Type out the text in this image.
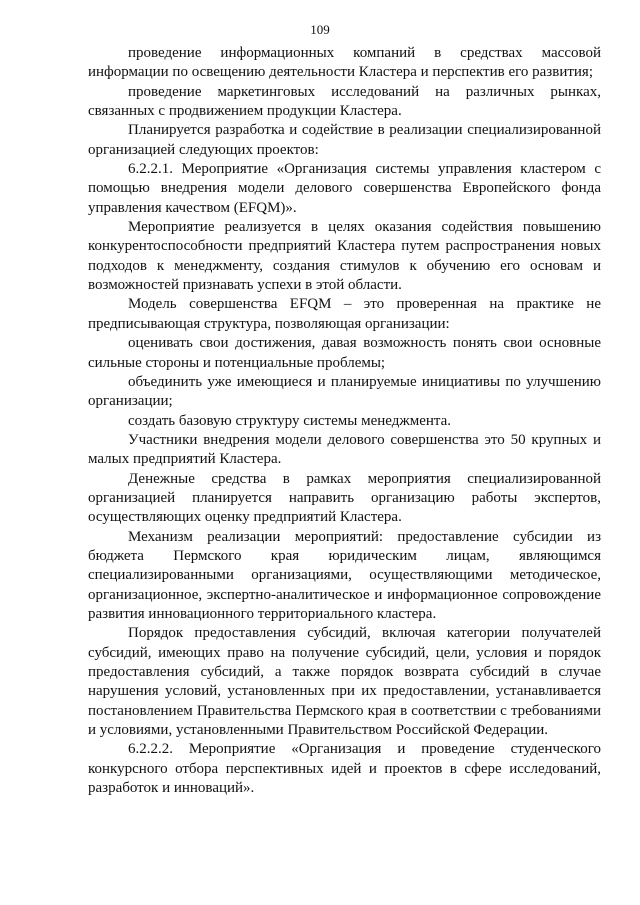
109

проведение информационных компаний в средствах массовой информации по освещению деятельности Кластера и перспектив его развития;

проведение маркетинговых исследований на различных рынках, связанных с продвижением продукции Кластера.

Планируется разработка и содействие в реализации специализированной организацией следующих проектов:

6.2.2.1. Мероприятие «Организация системы управления кластером с помощью внедрения модели делового совершенства Европейского фонда управления качеством (EFQM)».

Мероприятие реализуется в целях оказания содействия повышению конкурентоспособности предприятий Кластера путем распространения новых подходов к менеджменту, создания стимулов к обучению его основам и возможностей признавать успехи в этой области.

Модель совершенства EFQM – это проверенная на практике не предписывающая структура, позволяющая организации:

оценивать свои достижения, давая возможность понять свои основные сильные стороны и потенциальные проблемы;

объединить уже имеющиеся и планируемые инициативы по улучшению организации;

создать базовую структуру системы менеджмента.

Участники внедрения модели делового совершенства это 50 крупных и малых предприятий Кластера.

Денежные средства в рамках мероприятия специализированной организацией планируется направить организацию работы экспертов, осуществляющих оценку предприятий Кластера.

Механизм реализации мероприятий: предоставление субсидии из бюджета Пермского края юридическим лицам, являющимся специализированными организациями, осуществляющими методическое, организационное, экспертно-аналитическое и информационное сопровождение развития инновационного территориального кластера.

Порядок предоставления субсидий, включая категории получателей субсидий, имеющих право на получение субсидий, цели, условия и порядок предоставления субсидий, а также порядок возврата субсидий в случае нарушения условий, установленных при их предоставлении, устанавливается постановлением Правительства Пермского края в соответствии с требованиями и условиями, установленными Правительством Российской Федерации.

6.2.2.2. Мероприятие «Организация и проведение студенческого конкурсного отбора перспективных идей и проектов в сфере исследований, разработок и инноваций».
